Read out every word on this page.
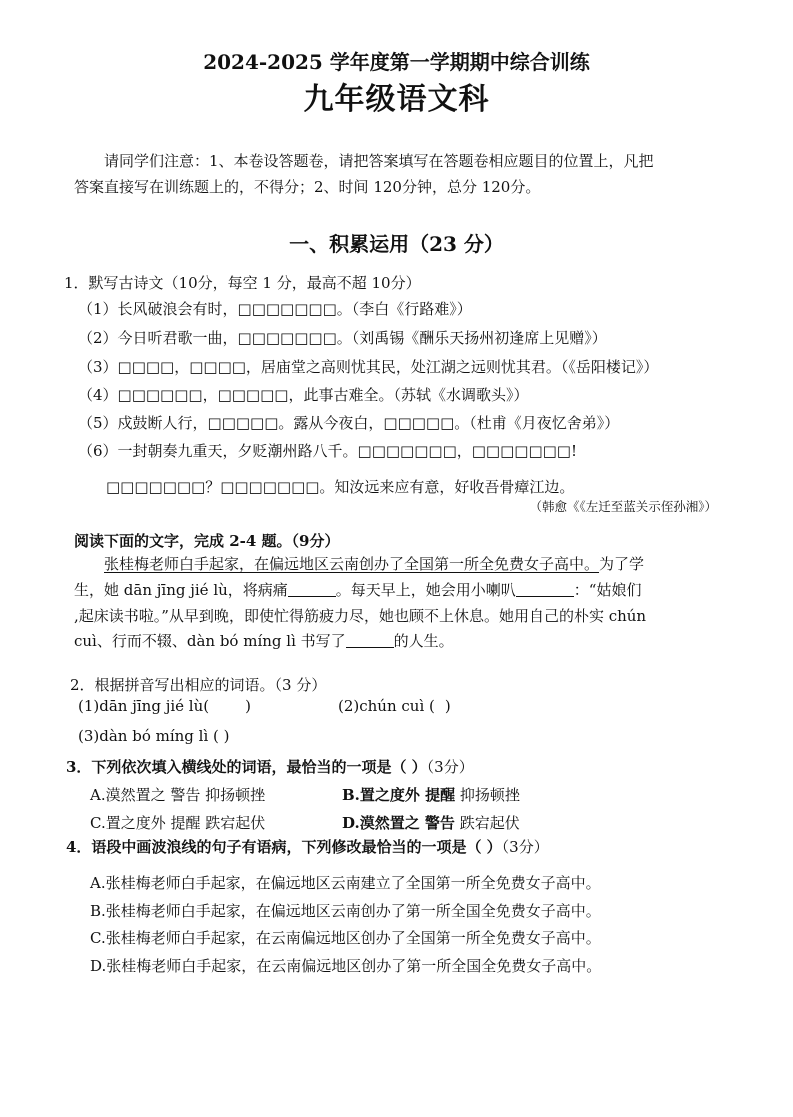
2024-2025 学年度第一学期期中综合训练
九年级语文科
请同学们注意：1、本卷设答题卷，请把答案填写在答题卷相应题目的位置上，凡把
答案直接写在训练题上的，不得分；2、时间 120分钟，总分 120分。
一、积累运用（23 分）
1．默写古诗文（10分，每空 1 分，最高不超 10分）
（1）长风破浪会有时，□□□□□□□。（李白《行路难》）
（2）今日听君歌一曲，□□□□□□□。（刘禹锡《酬乐天扬州初逢席上见赠》）
（3）□□□□，□□□□，居庙堂之高则忧其民，处江湖之远则忧其君。（《岳阳楼记》）
（4）□□□□□□，□□□□□，此事古难全。（苏轼《水调歌头》）
（5）戍鼓断人行，□□□□□。露从今夜白，□□□□□。（杜甫《月夜忆舍弟》）
（6）一封朝奏九重天，夕贬潮州路八千。□□□□□□□，□□□□□□□!
□□□□□□□？□□□□□□□。知汝远来应有意，好收吾骨瘴江边。
（韩愈《《左迁至蓝关示侄孙湘》）
阅读下面的文字，完成 2-4 题。（9分）
张桂梅老师白手起家，在偏远地区云南创办了全国第一所全免费女子高中。为了学
生，她 dān jīng jié lù，将病痛	。每天早上，她会用小喇叭	：“姑娘们
,起床读书啦。”从早到晚，即使忙得筋疲力尽，她也顾不上休息。她用自己的朴实 chún
cuì、行而不辍、dàn bó míng lì 书写了	的人生。
2．根据拼音写出相应的词语。（3 分）
(1)dān jīng jié lù( )	(2)chún cuì ( )
(3)dàn bó míng lì ( )
3．下列依次填入横线处的词语，最恰当的一项是（ ）（3分）
A.漠然置之 警告 抑扬顿挫	B.置之度外 提醒 抑扬顿挫
C.置之度外 提醒 跌宕起伏	D.漠然置之 警告 跌宕起伏
4．语段中画波浪线的句子有语病，下列修改最恰当的一项是（ ）（3分）
A.张桂梅老师白手起家，在偏远地区云南建立了全国第一所全免费女子高中。
B.张桂梅老师白手起家，在偏远地区云南创办了第一所全国全免费女子高中。
C.张桂梅老师白手起家，在云南偏远地区创办了全国第一所全免费女子高中。
D.张桂梅老师白手起家，在云南偏远地区创办了第一所全国全免费女子高中。
